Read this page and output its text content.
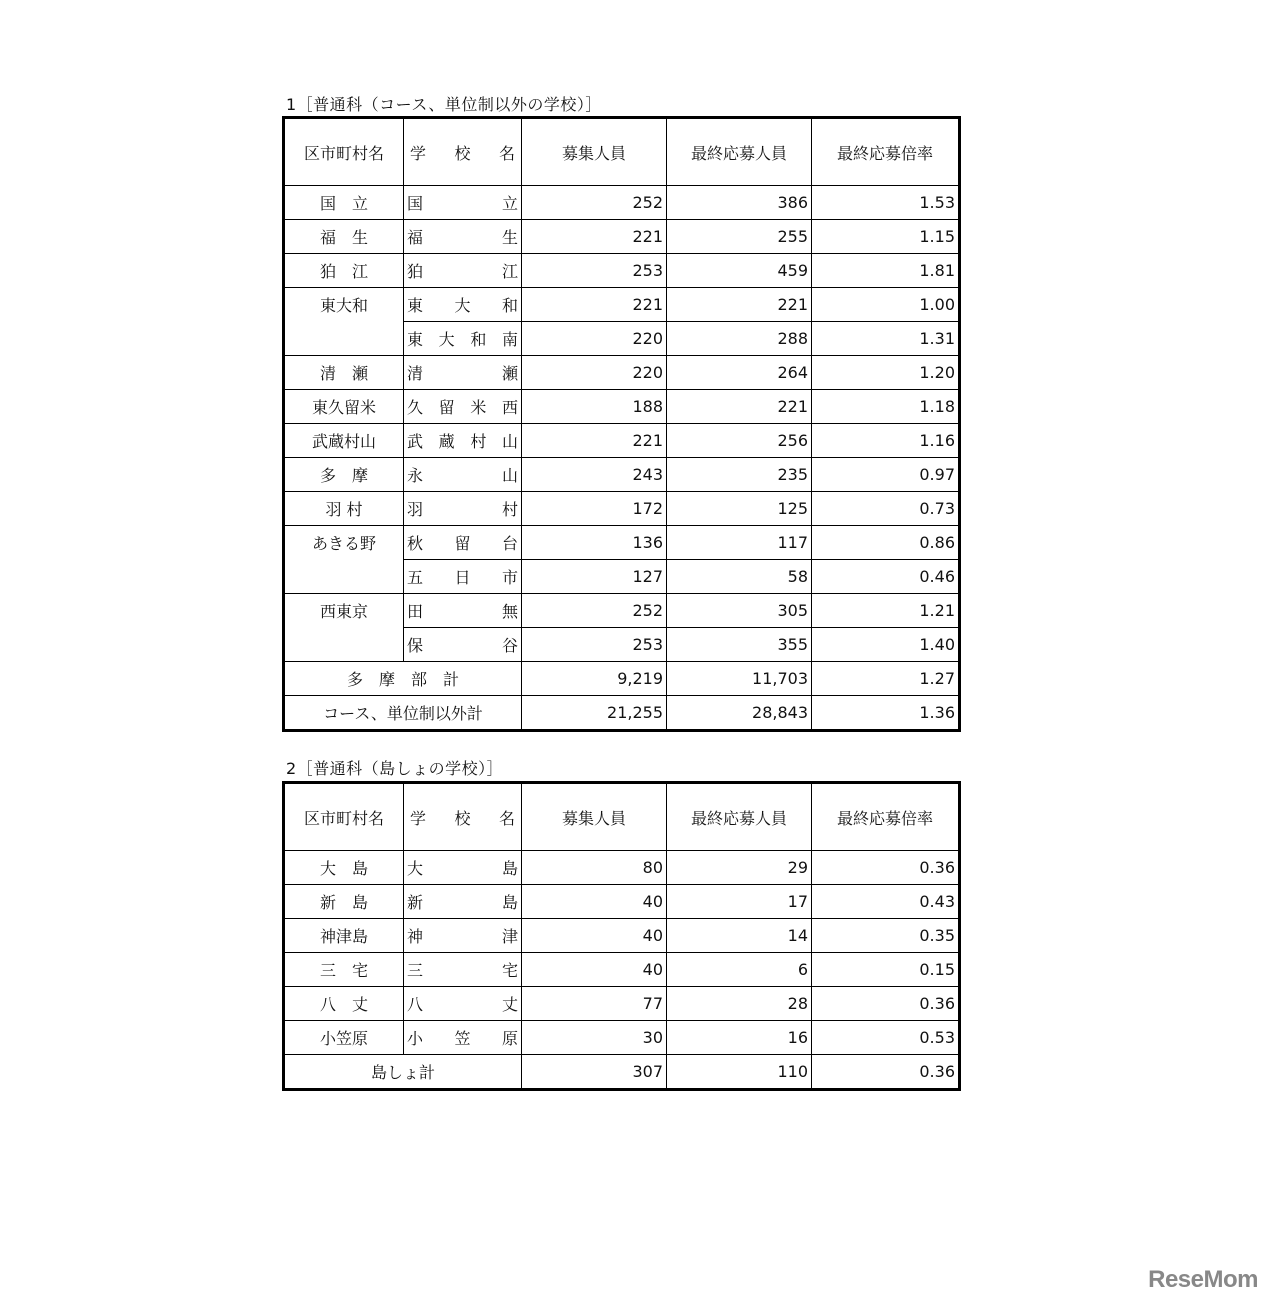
1［普通科（コース、単位制以外の学校）］
区市町村名	学 校 名	募集人員	最終応募人員	最終応募倍率
国　立	国 立	252	386	1.53
福　生	福 生	221	255	1.15
狛　江	狛 江	253	459	1.81
東大和	東 大 和	221	221	1.00

	東 大 和 南	220	288	1.31
清　瀬	清 瀬	220	264	1.20
東久留米	久 留 米 西	188	221	1.18
武蔵村山	武 蔵 村 山	221	256	1.16
多　摩	永 山	243	235	0.97
羽 村	羽 村	172	125	0.73
あきる野	秋 留 台	136	117	0.86

	五 日 市	127	58	0.46
西東京	田 無	252	305	1.21

	保 谷	253	355	1.40
多　摩　部　計		9,219	11,703	1.27
コース、単位制以外計		21,255	28,843	1.36
2［普通科（島しょの学校）］
区市町村名	学 校 名	募集人員	最終応募人員	最終応募倍率
大　島	大 島	80	29	0.36
新　島	新 島	40	17	0.43
神津島	神 津	40	14	0.35
三　宅	三 宅	40	6	0.15
八　丈	八 丈	77	28	0.36
小笠原	小 笠 原	30	16	0.53
島しょ計		307	110	0.36
ReseMom
